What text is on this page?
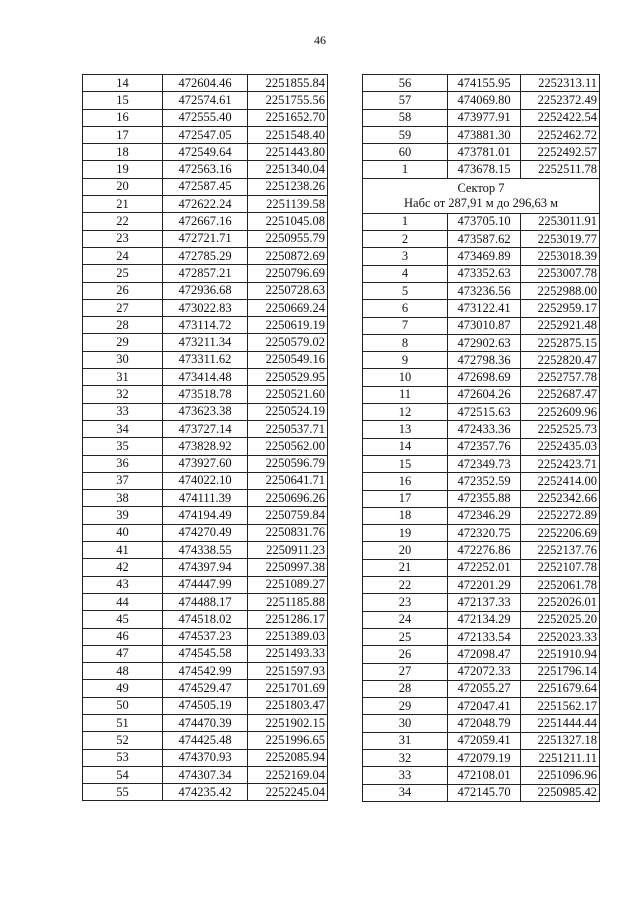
46
14	472604.46	2251855.84
15	472574.61	2251755.56
16	472555.40	2251652.70
17	472547.05	2251548.40
18	472549.64	2251443.80
19	472563.16	2251340.04
20	472587.45	2251238.26
21	472622.24	2251139.58
22	472667.16	2251045.08
23	472721.71	2250955.79
24	472785.29	2250872.69
25	472857.21	2250796.69
26	472936.68	2250728.63
27	473022.83	2250669.24
28	473114.72	2250619.19
29	473211.34	2250579.02
30	473311.62	2250549.16
31	473414.48	2250529.95
32	473518.78	2250521.60
33	473623.38	2250524.19
34	473727.14	2250537.71
35	473828.92	2250562.00
36	473927.60	2250596.79
37	474022.10	2250641.71
38	474111.39	2250696.26
39	474194.49	2250759.84
40	474270.49	2250831.76
41	474338.55	2250911.23
42	474397.94	2250997.38
43	474447.99	2251089.27
44	474488.17	2251185.88
45	474518.02	2251286.17
46	474537.23	2251389.03
47	474545.58	2251493.33
48	474542.99	2251597.93
49	474529.47	2251701.69
50	474505.19	2251803.47
51	474470.39	2251902.15
52	474425.48	2251996.65
53	474370.93	2252085.94
54	474307.34	2252169.04
55	474235.42	2252245.04
56	474155.95	2252313.11
57	474069.80	2252372.49
58	473977.91	2252422.54
59	473881.30	2252462.72
60	473781.01	2252492.57
1	473678.15	2252511.78

Сектор 7
Набс от 287,91 м до 296,63 м		

1	473705.10	2253011.91
2	473587.62	2253019.77
3	473469.89	2253018.39
4	473352.63	2253007.78
5	473236.56	2252988.00
6	473122.41	2252959.17
7	473010.87	2252921.48
8	472902.63	2252875.15
9	472798.36	2252820.47
10	472698.69	2252757.78
11	472604.26	2252687.47
12	472515.63	2252609.96
13	472433.36	2252525.73
14	472357.76	2252435.03
15	472349.73	2252423.71
16	472352.59	2252414.00
17	472355.88	2252342.66
18	472346.29	2252272.89
19	472320.75	2252206.69
20	472276.86	2252137.76
21	472252.01	2252107.78
22	472201.29	2252061.78
23	472137.33	2252026.01
24	472134.29	2252025.20
25	472133.54	2252023.33
26	472098.47	2251910.94
27	472072.33	2251796.14
28	472055.27	2251679.64
29	472047.41	2251562.17
30	472048.79	2251444.44
31	472059.41	2251327.18
32	472079.19	2251211.11
33	472108.01	2251096.96
34	472145.70	2250985.42
